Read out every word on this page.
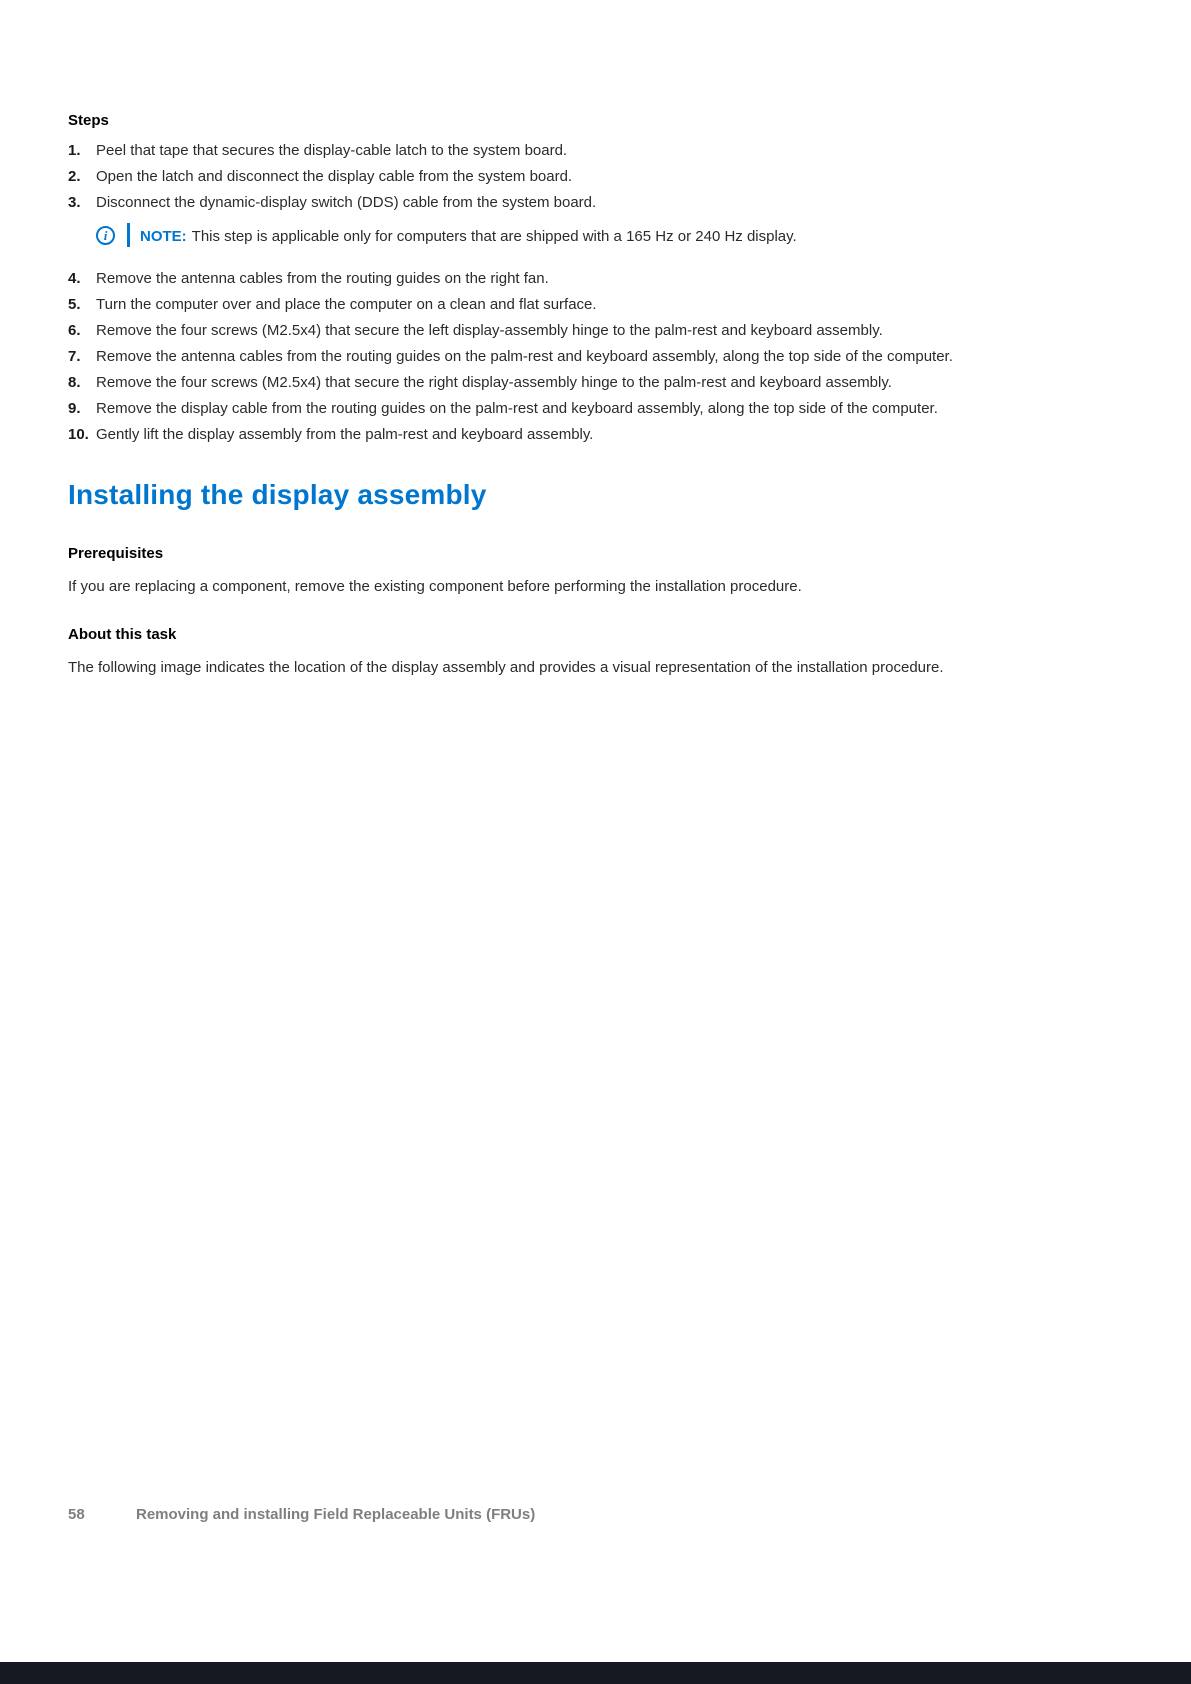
Steps
1.	Peel that tape that secures the display-cable latch to the system board.
2.	Open the latch and disconnect the display cable from the system board.
3.	Disconnect the dynamic-display switch (DDS) cable from the system board.
i	NOTE: This step is applicable only for computers that are shipped with a 165 Hz or 240 Hz display.
4.	Remove the antenna cables from the routing guides on the right fan.
5.	Turn the computer over and place the computer on a clean and flat surface.
6.	Remove the four screws (M2.5x4) that secure the left display-assembly hinge to the palm-rest and keyboard assembly.
7.	Remove the antenna cables from the routing guides on the palm-rest and keyboard assembly, along the top side of the computer.
8.	Remove the four screws (M2.5x4) that secure the right display-assembly hinge to the palm-rest and keyboard assembly.
9.	Remove the display cable from the routing guides on the palm-rest and keyboard assembly, along the top side of the computer.
10. Gently lift the display assembly from the palm-rest and keyboard assembly.
Installing the display assembly
Prerequisites

If you are replacing a component, remove the existing component before performing the installation procedure.

About this task

The following image indicates the location of the display assembly and provides a visual representation of the installation procedure.

58	Removing and installing Field Replaceable Units (FRUs)
